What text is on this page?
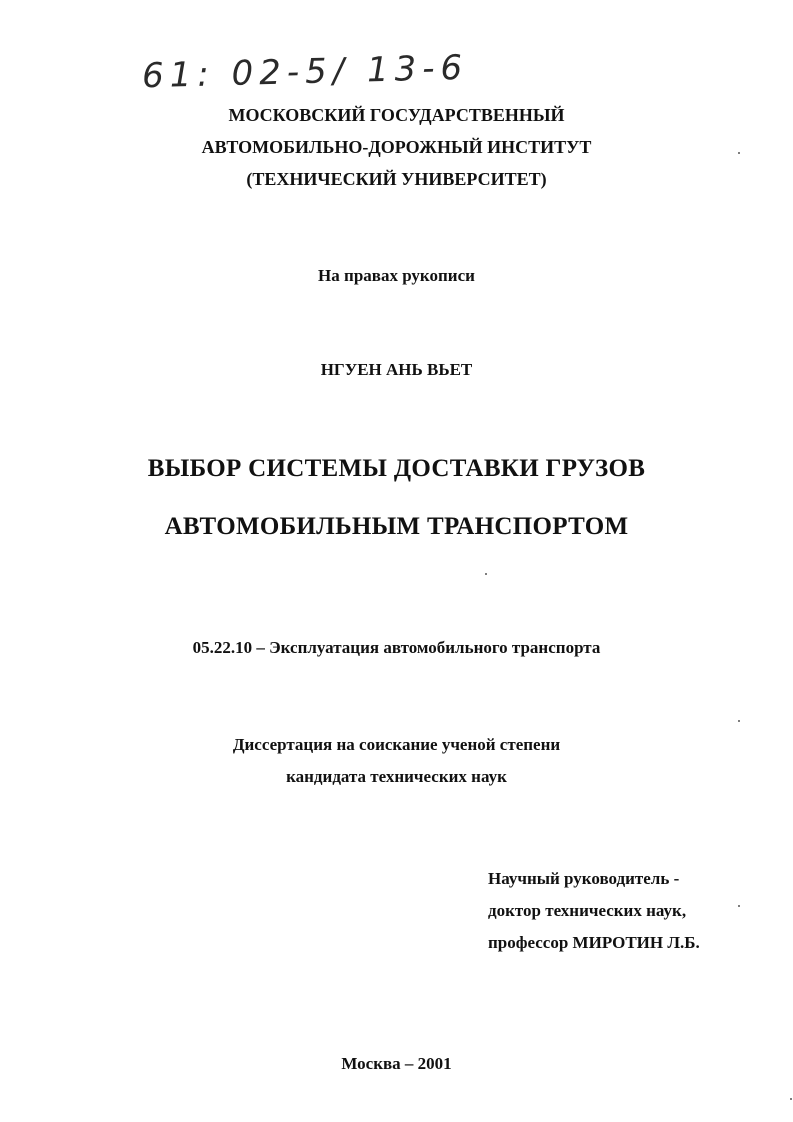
61: 02-5/ 13-6
МОСКОВСКИЙ ГОСУДАРСТВЕННЫЙ
АВТОМОБИЛЬНО-ДОРОЖНЫЙ ИНСТИТУТ
(ТЕХНИЧЕСКИЙ УНИВЕРСИТЕТ)
На правах рукописи
НГУЕН АНЬ ВЬЕТ
ВЫБОР СИСТЕМЫ ДОСТАВКИ ГРУЗОВ
АВТОМОБИЛЬНЫМ ТРАНСПОРТОМ
05.22.10 – Эксплуатация автомобильного транспорта
Диссертация на соискание ученой степени
кандидата технических наук
Научный руководитель -
доктор технических наук,
профессор МИРОТИН Л.Б.
Москва – 2001
